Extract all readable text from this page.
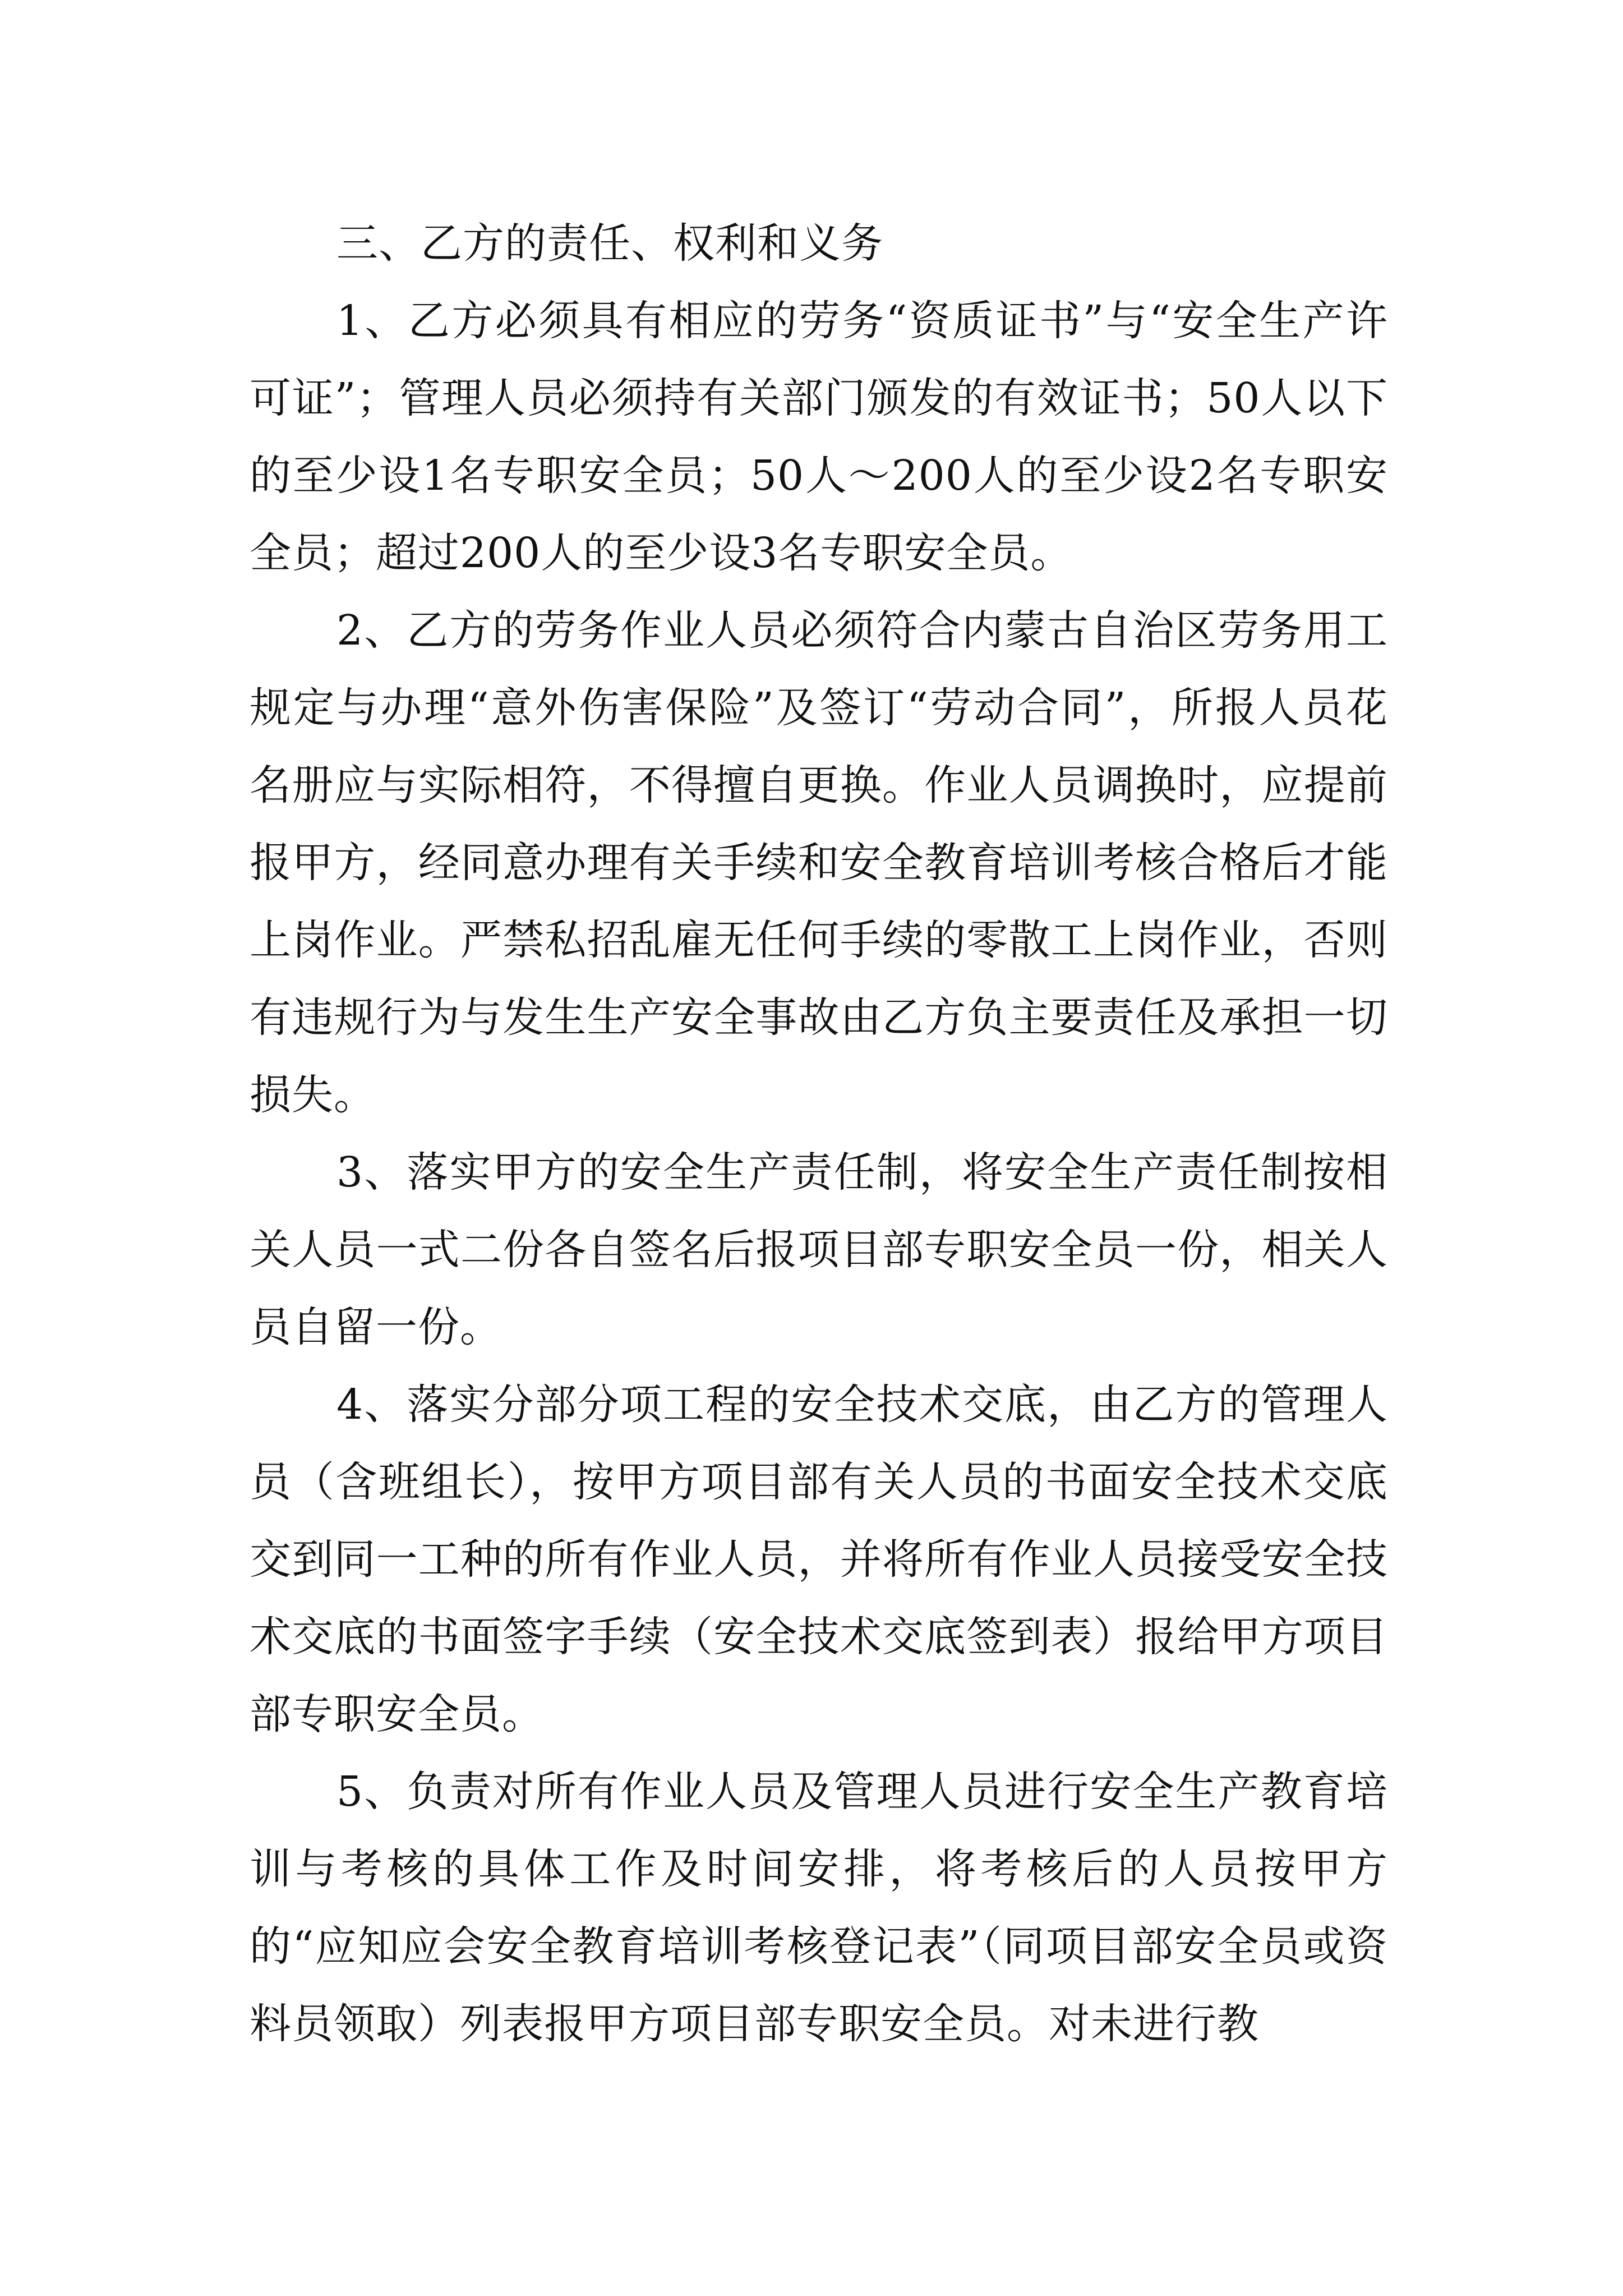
三、乙方的责任、权利和义务

1、乙方必须具有相应的劳务“资质证书”与“安全生产许可证”；管理人员必须持有关部门颁发的有效证书；50人以下的至少设1名专职安全员；50人～200人的至少设2名专职安全员；超过200人的至少设3名专职安全员。

2、乙方的劳务作业人员必须符合内蒙古自治区劳务用工规定与办理“意外伤害保险”及签订“劳动合同”，所报人员花名册应与实际相符，不得擅自更换。作业人员调换时，应提前报甲方，经同意办理有关手续和安全教育培训考核合格后才能上岗作业。严禁私招乱雇无任何手续的零散工上岗作业，否则有违规行为与发生生产安全事故由乙方负主要责任及承担一切损失。

3、落实甲方的安全生产责任制，将安全生产责任制按相关人员一式二份各自签名后报项目部专职安全员一份，相关人员自留一份。

4、落实分部分项工程的安全技术交底，由乙方的管理人员（含班组长），按甲方项目部有关人员的书面安全技术交底交到同一工种的所有作业人员，并将所有作业人员接受安全技术交底的书面签字手续（安全技术交底签到表）报给甲方项目部专职安全员。

5、负责对所有作业人员及管理人员进行安全生产教育培训与考核的具体工作及时间安排，将考核后的人员按甲方的“应知应会安全教育培训考核登记表”（同项目部安全员或资料员领取）列表报甲方项目部专职安全员。对未进行教
